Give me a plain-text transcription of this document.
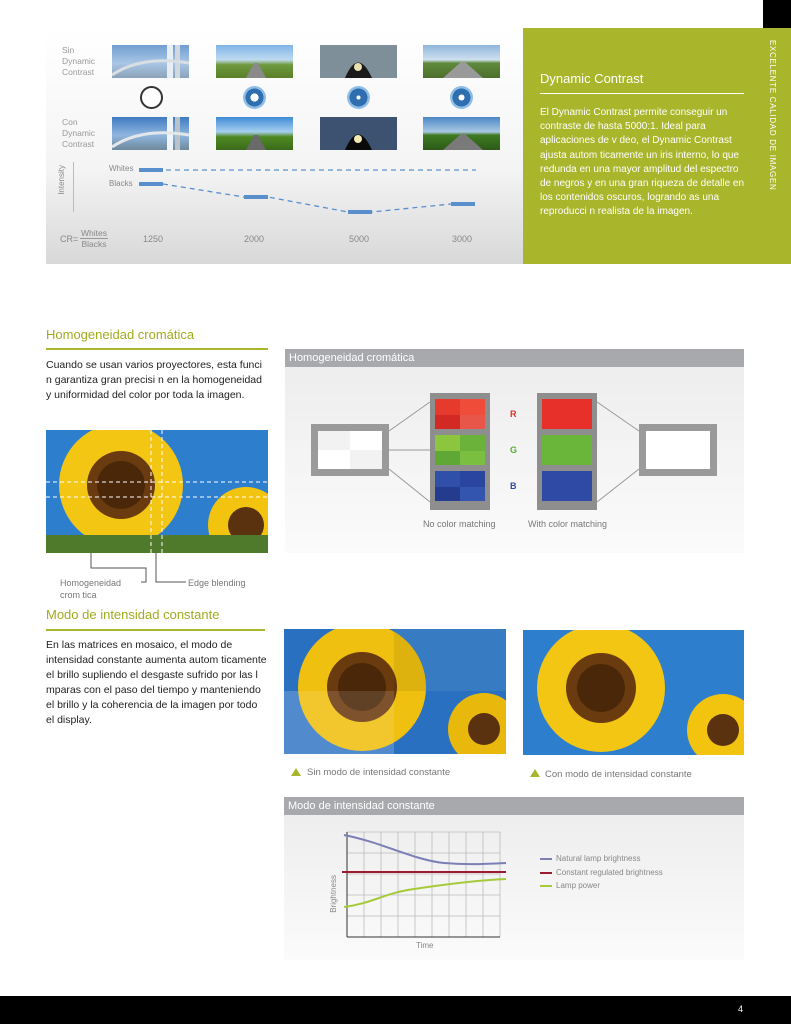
Sin
Dynamic
Contrast
Con
Dynamic
Contrast
Intensity	Whites
Blacks
CR=
Whites
Blacks	1250	2000	5000	3000
Dynamic Contrast
El Dynamic Contrast permite conseguir un contraste de hasta 5000:1. Ideal para aplicaciones de v deo, el Dynamic Contrast ajusta autom ticamente un iris interno, lo que redunda en una mayor amplitud del espectro de negros y en una gran riqueza de detalle en los contenidos oscuros, logrando as una reproducci n realista de la imagen.
EXCELENTE CALIDAD DE IMAGEN
Homogeneidad cromática
Cuando se usan varios proyectores, esta funci n garantiza gran precisi n en la homogeneidad y uniformidad del color por toda la imagen.
Homogeneidad
crom tica
Edge blending
Homogeneidad cromática
R
G
B
No color matching	With color matching
Modo de intensidad constante
En las matrices en mosaico, el modo de intensidad constante aumenta autom ticamente el brillo supliendo el desgaste sufrido por las l mparas con el paso del tiempo y manteniendo el brillo y la coherencia de la imagen por todo el display.
Sin modo de intensidad constante	Con modo de intensidad constante
Modo de intensidad constante
Brightness
Time
Natural lamp brightness
Constant regulated brightness
Lamp power
4
